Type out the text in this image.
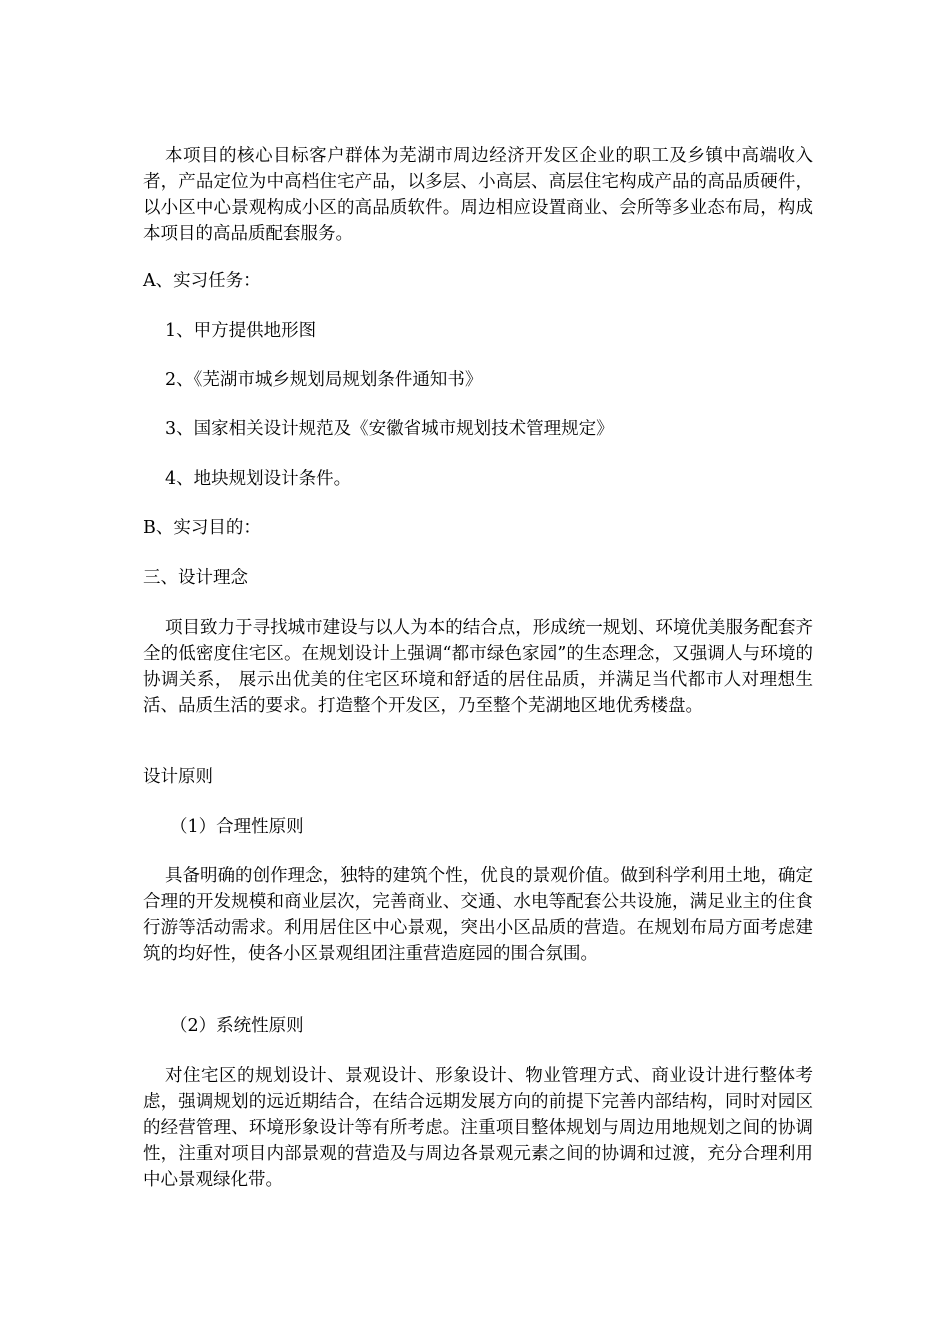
本项目的核心目标客户群体为芜湖市周边经济开发区企业的职工及乡镇中高端收入者，产品定位为中高档住宅产品，以多层、小高层、高层住宅构成产品的高品质硬件，以小区中心景观构成小区的高品质软件。周边相应设置商业、会所等多业态布局，构成本项目的高品质配套服务。

A、实习任务：

1、甲方提供地形图

2、《芜湖市城乡规划局规划条件通知书》

3、国家相关设计规范及《安徽省城市规划技术管理规定》

4、地块规划设计条件。

B、实习目的：

三、设计理念

项目致力于寻找城市建设与以人为本的结合点，形成统一规划、环境优美服务配套齐全的低密度住宅区。在规划设计上强调“都市绿色家园”的生态理念，又强调人与环境的协调关系， 展示出优美的住宅区环境和舒适的居住品质，并满足当代都市人对理想生活、品质生活的要求。打造整个开发区，乃至整个芜湖地区地优秀楼盘。

设计原则

（1）合理性原则

具备明确的创作理念，独特的建筑个性，优良的景观价值。做到科学利用土地，确定合理的开发规模和商业层次，完善商业、交通、水电等配套公共设施，满足业主的住食行游等活动需求。利用居住区中心景观，突出小区品质的营造。在规划布局方面考虑建筑的均好性，使各小区景观组团注重营造庭园的围合氛围。

（2）系统性原则

对住宅区的规划设计、景观设计、形象设计、物业管理方式、商业设计进行整体考虑，强调规划的远近期结合，在结合远期发展方向的前提下完善内部结构，同时对园区的经营管理、环境形象设计等有所考虑。注重项目整体规划与周边用地规划之间的协调性，注重对项目内部景观的营造及与周边各景观元素之间的协调和过渡，充分合理利用中心景观绿化带。
